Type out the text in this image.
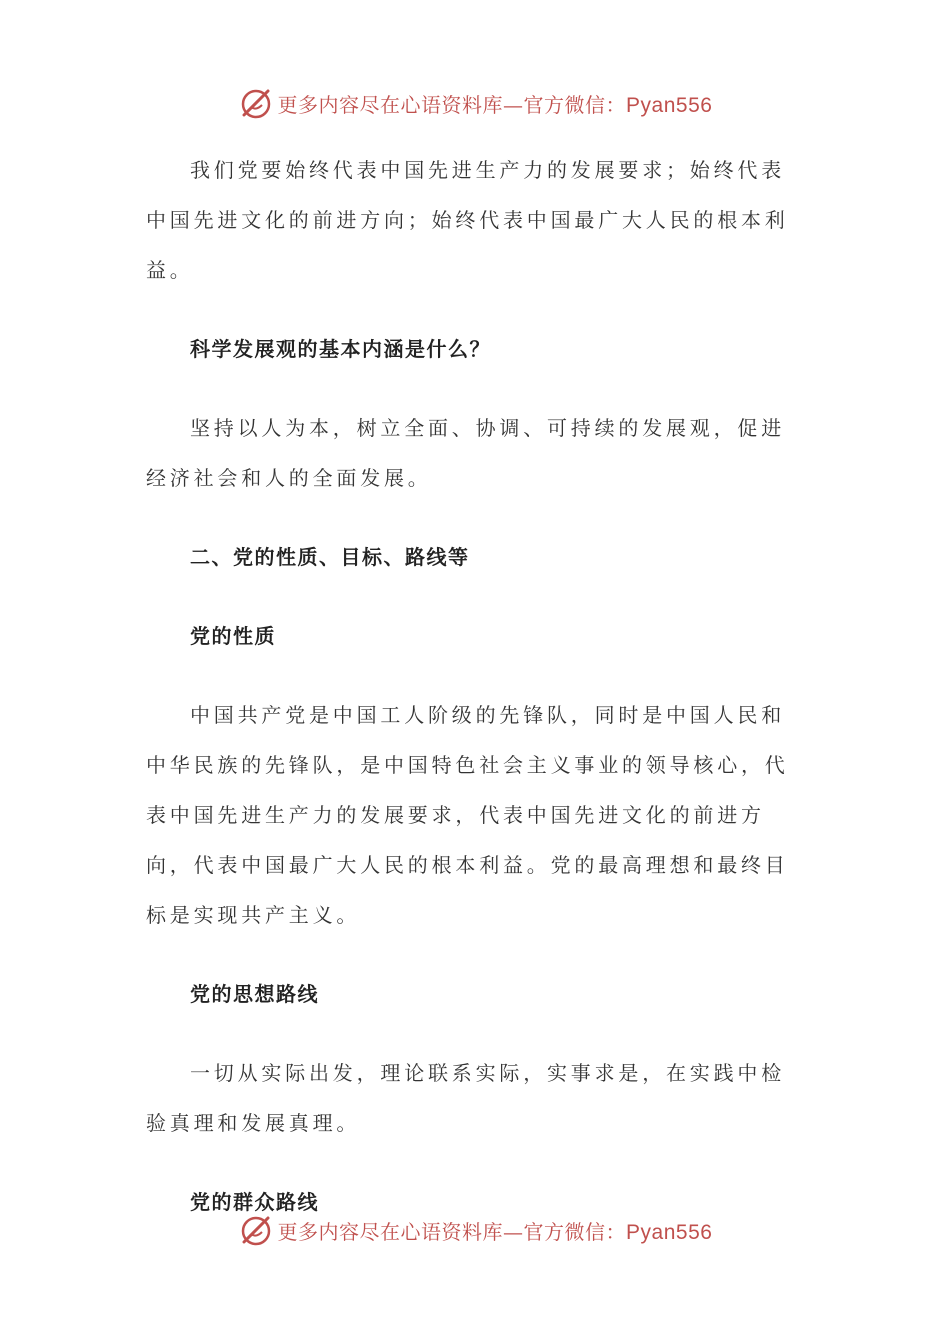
更多内容尽在心语资料库—官方微信：Pyan556

我们党要始终代表中国先进生产力的发展要求；始终代表中国先进文化的前进方向；始终代表中国最广大人民的根本利益。

科学发展观的基本内涵是什么？

坚持以人为本，树立全面、协调、可持续的发展观，促进经济社会和人的全面发展。

二、党的性质、目标、路线等

党的性质

中国共产党是中国工人阶级的先锋队，同时是中国人民和中华民族的先锋队，是中国特色社会主义事业的领导核心，代表中国先进生产力的发展要求，代表中国先进文化的前进方向，代表中国最广大人民的根本利益。党的最高理想和最终目标是实现共产主义。

党的思想路线

一切从实际出发，理论联系实际，实事求是，在实践中检验真理和发展真理。

党的群众路线

更多内容尽在心语资料库—官方微信：Pyan556
